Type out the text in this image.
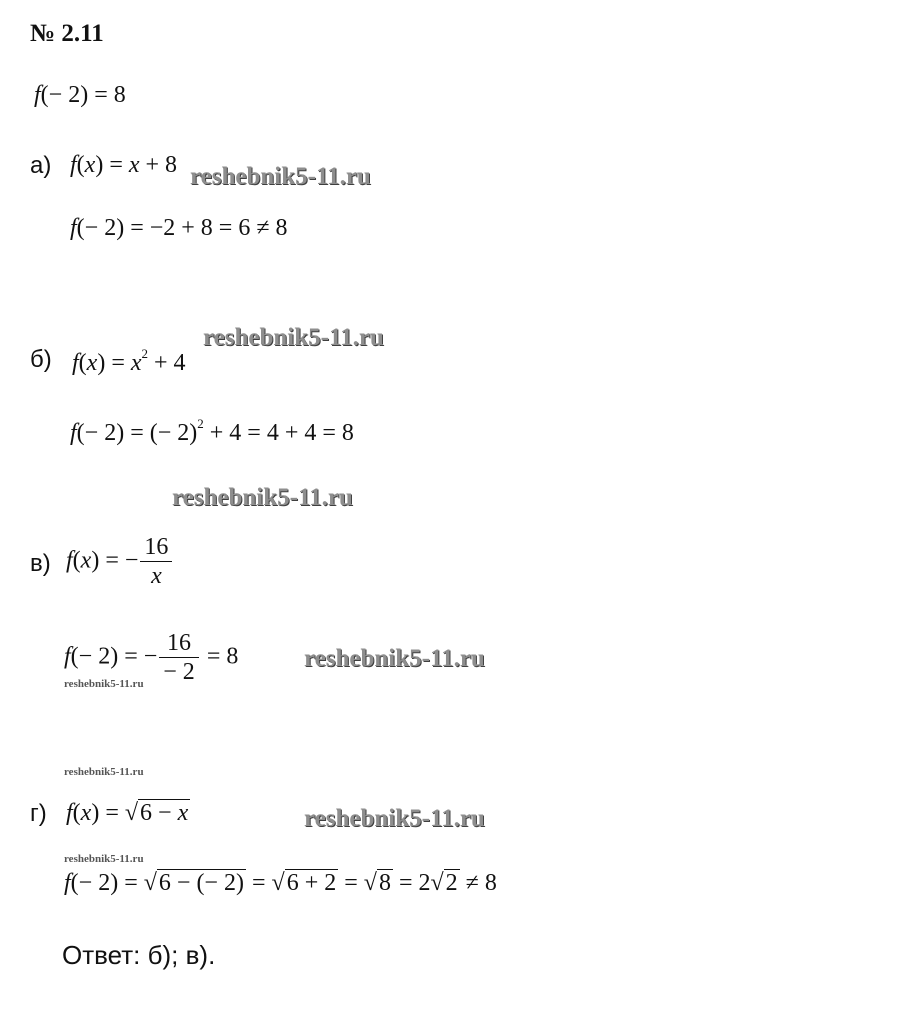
№ 2.11
f(− 2) = 8
а) f(x) = x + 8 reshebnik5-11.ru
f(− 2) = −2 + 8 = 6 ≠ 8
reshebnik5-11.ru
б) $f(x) = x^2 + 4$
f(− 2) = (− 2)$^2$ + 4 = 4 + 4 = 8
reshebnik5-11.ru
в) f(x) = − $\frac{16}{x}$
f(− 2) = − $\frac{16}{- 2} = 8$	reshebnik5-11.ru
reshebnik5-11.ru
reshebnik5-11.ru
г) f(x) = √6 − x	reshebnik5-11.ru
reshebnik5-11.ru
f(− 2) = √6 − (− 2) = √6 + 2 = √8 = 2√2 ≠ 8
Ответ: б); в).
